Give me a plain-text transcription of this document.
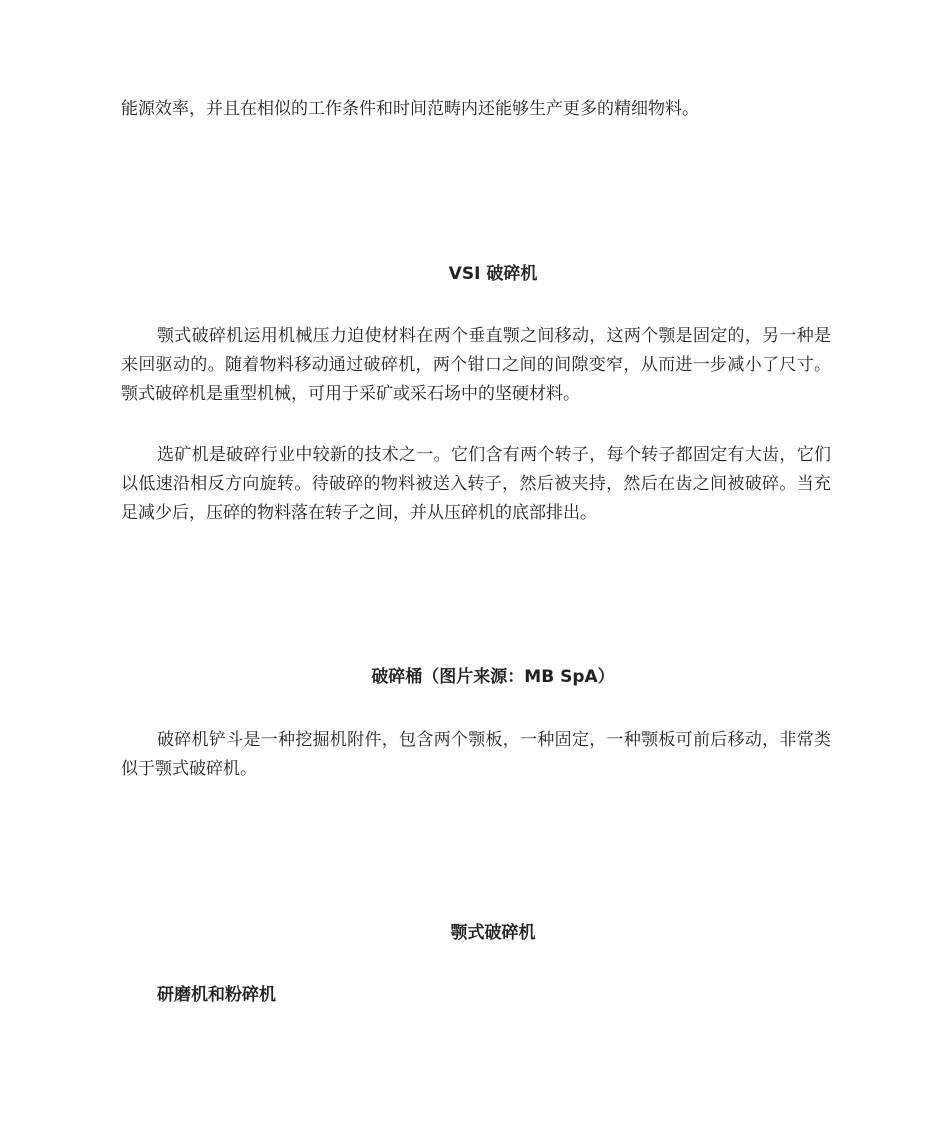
能源效率，并且在相似的工作条件和时间范畴内还能够生产更多的精细物料。

VSI 破碎机

颚式破碎机运用机械压力迫使材料在两个垂直颚之间移动，这两个颚是固定的，另一种是来回驱动的。随着物料移动通过破碎机，两个钳口之间的间隙变窄，从而进一步减小了尺寸。颚式破碎机是重型机械，可用于采矿或采石场中的坚硬材料。

选矿机是破碎行业中较新的技术之一。它们含有两个转子，每个转子都固定有大齿，它们以低速沿相反方向旋转。待破碎的物料被送入转子，然后被夹持，然后在齿之间被破碎。当充足减少后，压碎的物料落在转子之间，并从压碎机的底部排出。

破碎桶（图片来源：MB SpA）

破碎机铲斗是一种挖掘机附件，包含两个颚板，一种固定，一种颚板可前后移动，非常类似于颚式破碎机。

颚式破碎机
研磨机和粉碎机
